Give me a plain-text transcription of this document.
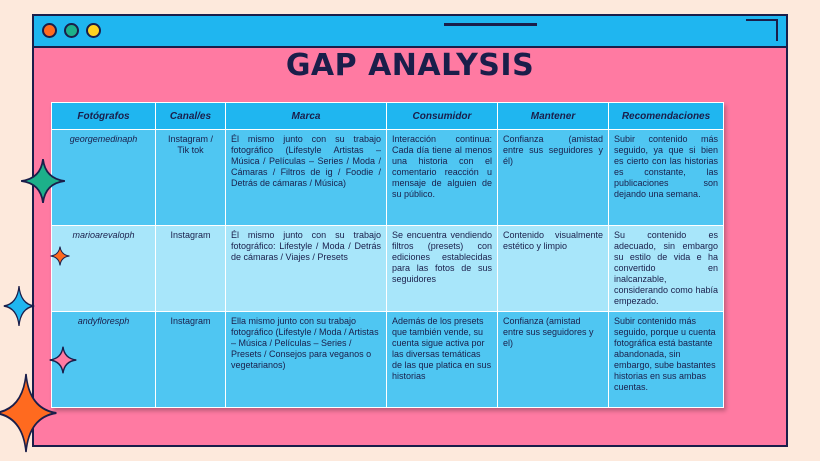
GAP ANALYSIS
Fotógrafos	Canal/es	Marca	Consumidor	Mantener	Recomendaciones
georgemedinaph	Instagram / Tik tok	Él mismo junto con su trabajo fotográfico (Lifestyle Artistas – Música / Películas – Series / Moda / Cámaras / Filtros de ig / Foodie / Detrás de cámaras / Música)	Interacción continua: Cada día tiene al menos una historia con el comentario reacción u mensaje de alguien de su público.	Confianza (amistad entre sus seguidores y él)	Subir contenido más seguido, ya que si bien es cierto con las historias es constante, las publicaciones son dejando una semana.
marioarevaloph	Instagram	Él mismo junto con su trabajo fotográfico: Lifestyle / Moda / Detrás de cámaras / Viajes / Presets	Se encuentra vendiendo filtros (presets) con ediciones establecidas para las fotos de sus seguidores	Contenido visualmente estético y limpio	Su contenido es adecuado, sin embargo su estilo de vida e ha convertido en inalcanzable, considerando como había empezado.
andyfloresph	Instagram	Ella mismo junto con su trabajo fotográfico (Lifestyle / Moda / Artistas – Música / Películas – Series / Presets / Consejos para veganos o vegetarianos)	Además de los presets que también vende, su cuenta sigue activa por las diversas temáticas de las que platica en sus historias	Confianza (amistad entre sus seguidores y el)	Subir contenido más seguido, porque u cuenta fotográfica está bastante abandonada, sin embargo, sube bastantes historias en sus ambas cuentas.
